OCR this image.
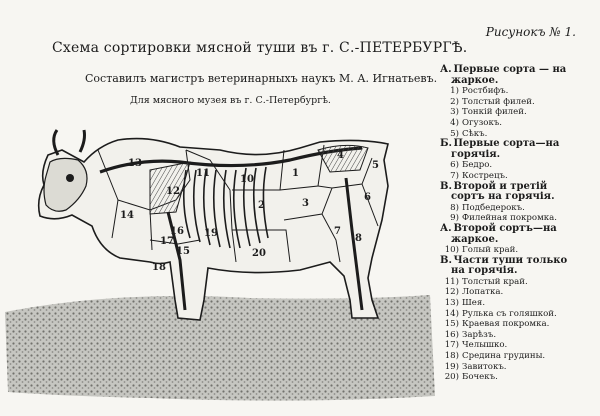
Рисунокъ № 1.
Схема сортировки мясной туши въ г. С.-ПЕТЕРБУРГѢ.
Составилъ магистръ ветеринарныхъ наукъ М. А. Игнатьевъ.
Для мясного музея въ г. С.-Петербургѣ.
1
2	3
4
5
6
7
8
10
11
12
13
14
15
16
17
18
19
20
А. Первые сорта — на
жаркое.
1) Ростбифъ.
2) Толстый филей.
3) Тонкій филей.
4) Огузокъ.
5) Сѣкъ.
Б. Первые сорта—на
горячія.
6) Бедро.
7) Кострецъ.
В. Второй и третій
сортъ на горячія.
8) Подбедерокъ.
9) Филейная покромка.
А. Второй сортъ—на
жаркое.
10) Голый край.
В. Части туши только
на горячія.
11) Толстый край.
12) Лопатка.
13) Шея.
14) Рулька съ голяшкой.
15) Краевая покромка.
16) Зарѣзъ.
17) Челышко.
18) Средина грудины.
19) Завитокъ.
20) Бочекъ.
